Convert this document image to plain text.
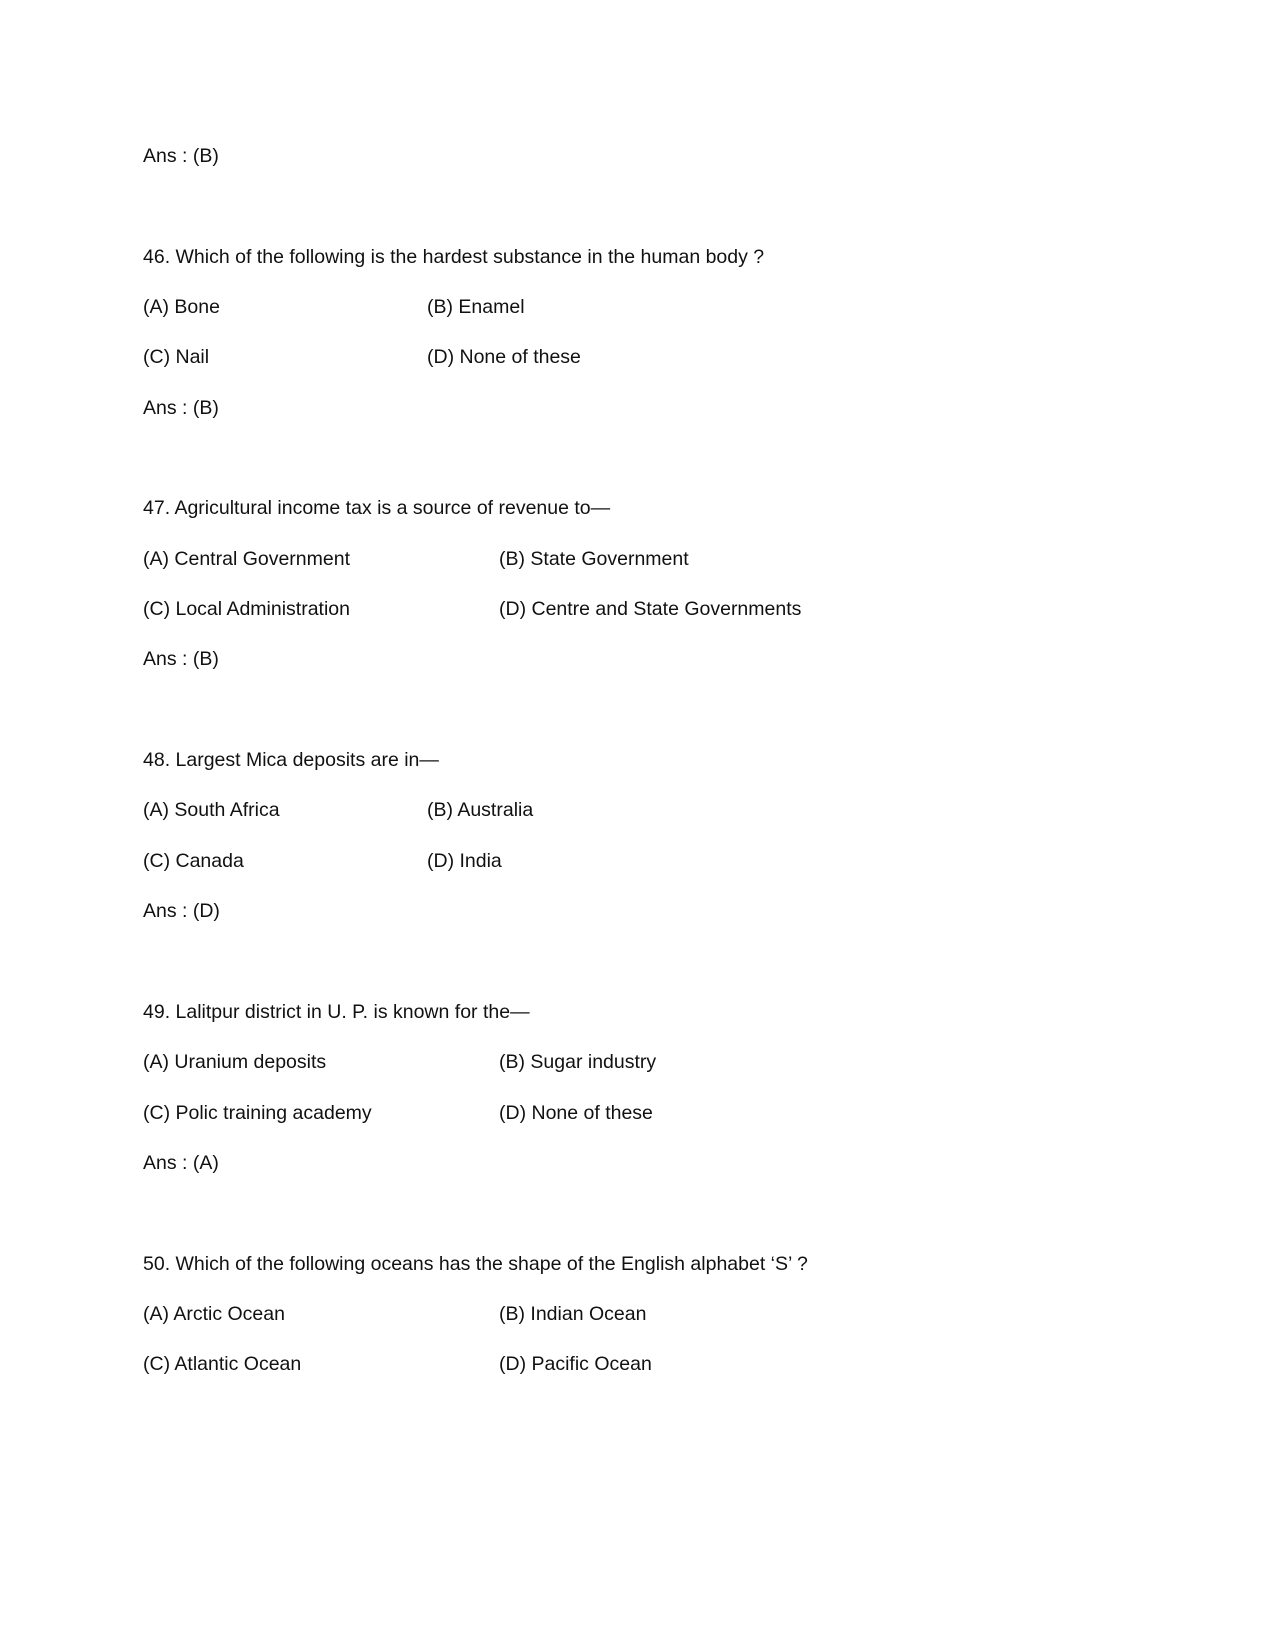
Ans : (B)
46. Which of the following is the hardest substance in the human body ?
(A) Bone	(B) Enamel
(C) Nail	(D) None of these
Ans : (B)
47. Agricultural income tax is a source of revenue to—
(A) Central Government	(B) State Government
(C) Local Administration	(D) Centre and State Governments
Ans : (B)
48. Largest Mica deposits are in—
(A) South Africa	(B) Australia
(C) Canada	(D) India
Ans : (D)
49. Lalitpur district in U. P. is known for the—
(A) Uranium deposits	(B) Sugar industry
(C) Polic training academy	(D) None of these
Ans : (A)
50. Which of the following oceans has the shape of the English alphabet ‘S’ ?
(A) Arctic Ocean	(B) Indian Ocean
(C) Atlantic Ocean	(D) Pacific Ocean
